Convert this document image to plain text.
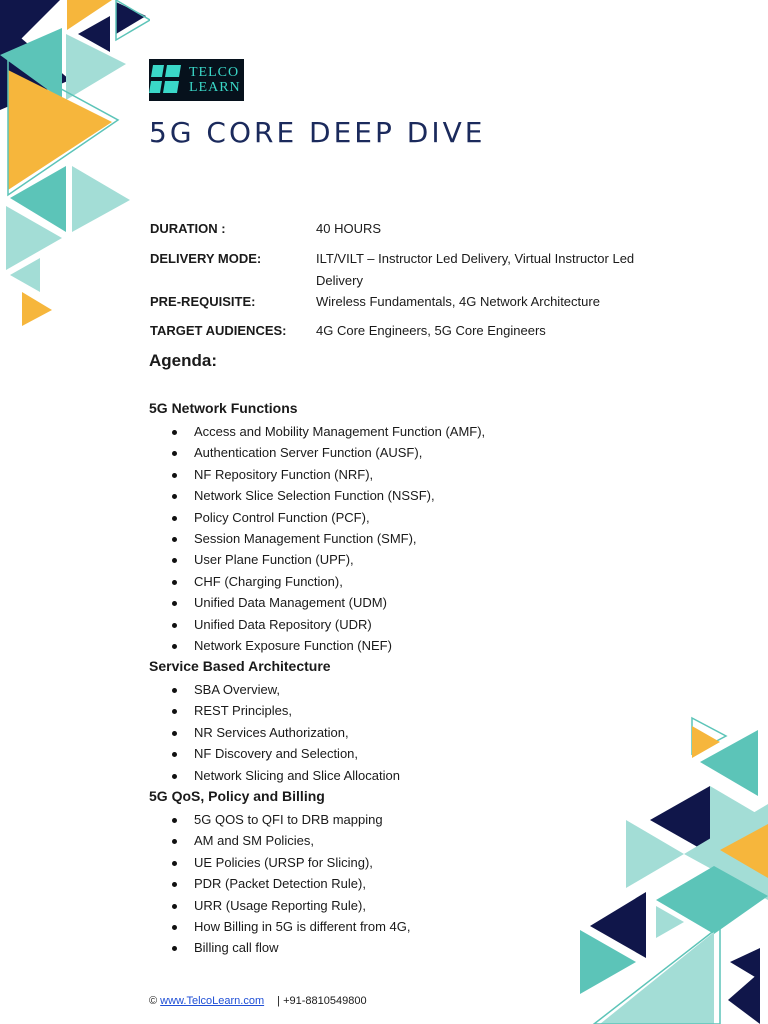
TELCO
LEARN
5G CORE DEEP DIVE
DURATION :	40 HOURS
DELIVERY MODE:	ILT/VILT – Instructor Led Delivery, Virtual Instructor Led Delivery
PRE-REQUISITE:	Wireless Fundamentals, 4G Network Architecture
TARGET AUDIENCES: 4G Core Engineers, 5G Core Engineers
Agenda:
5G Network Functions
Access and Mobility Management Function (AMF),
Authentication Server Function (AUSF),
NF Repository Function (NRF),
Network Slice Selection Function (NSSF),
Policy Control Function (PCF),
Session Management Function (SMF),
User Plane Function (UPF),
CHF (Charging Function),
Unified Data Management (UDM)
Unified Data Repository (UDR)
Network Exposure Function (NEF)
Service Based Architecture
SBA Overview,
REST Principles,
NR Services Authorization,
NF Discovery and Selection,
Network Slicing and Slice Allocation
5G QoS, Policy and Billing
5G QOS to QFI to DRB mapping
AM and SM Policies,
UE Policies (URSP for Slicing),
PDR (Packet Detection Rule),
URR (Usage Reporting Rule),
How Billing in 5G is different from 4G,
Billing call flow
© www.TelcoLearn.com | +91-8810549800
